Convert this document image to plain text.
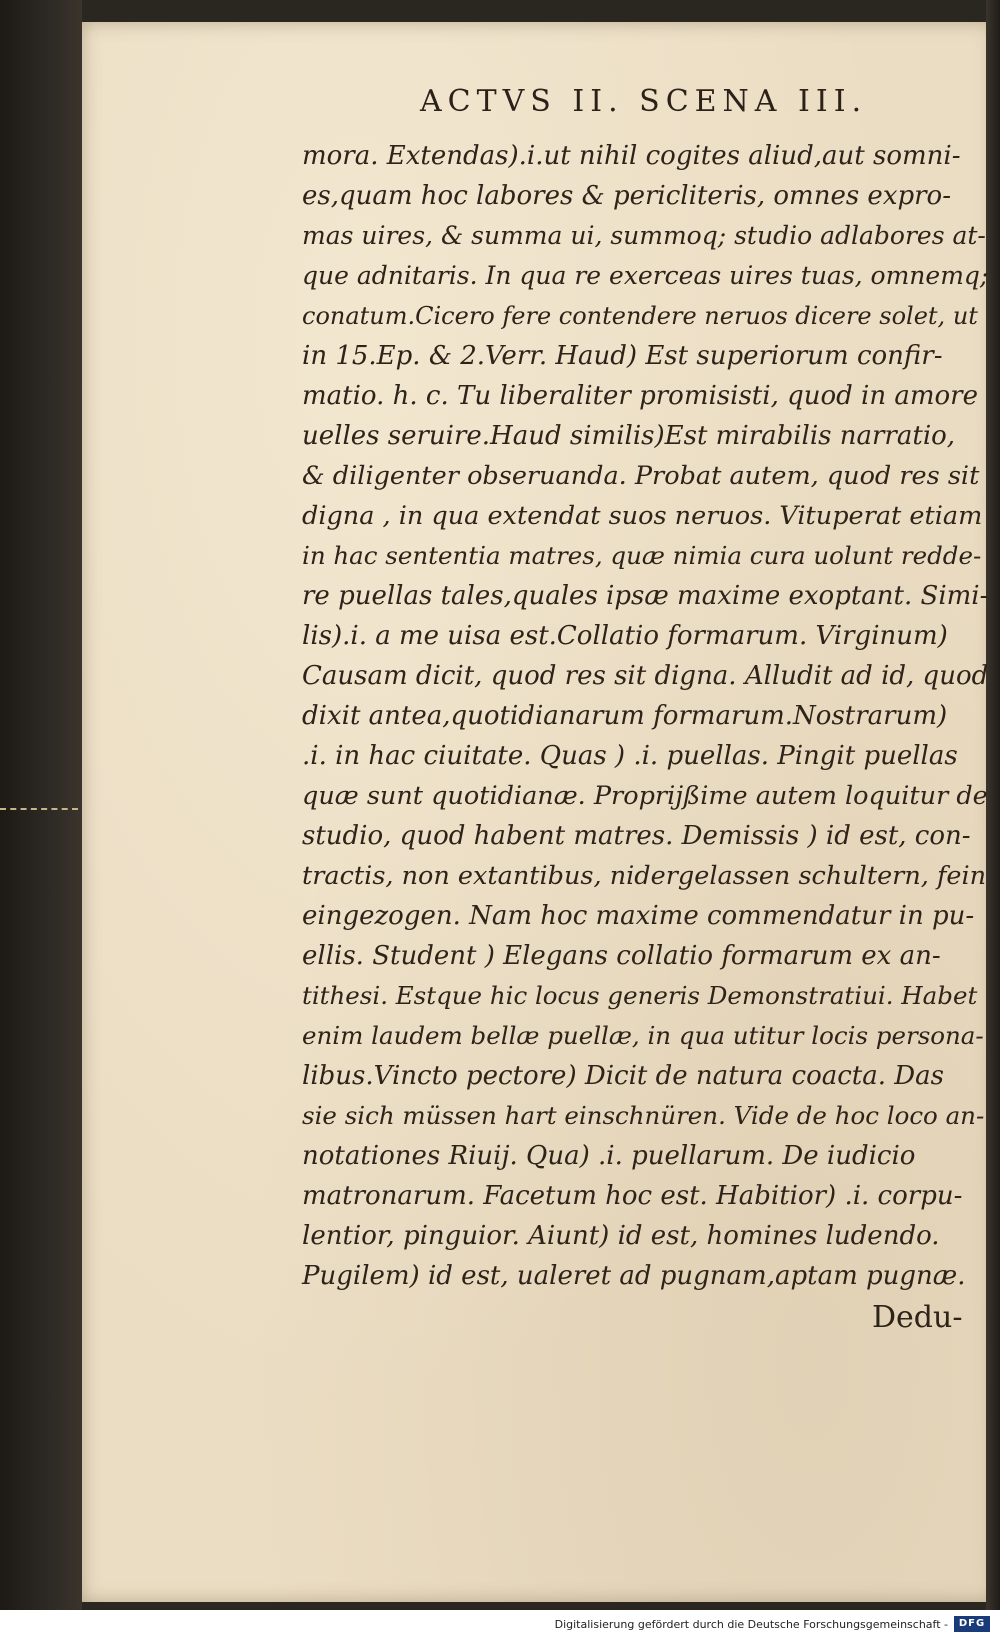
ACTVS II. SCENA III.

mora. Extendas).i.ut nihil cogites aliud,aut somni-
es,quam hoc labores & pericliteris, omnes expro-
mas uires, & summa ui, summoq; studio adlabores at-
que adnitaris. In qua re exerceas uires tuas, omnemq;
conatum.Cicero fere contendere neruos dicere solet, ut
in 15.Ep. & 2.Verr. Haud) Est superiorum confir-
matio. h. c. Tu liberaliter promisisti, quod in amore
uelles seruire.Haud similis)Est mirabilis narratio,
& diligenter obseruanda. Probat autem, quod res sit
digna , in qua extendat suos neruos. Vituperat etiam
in hac sententia matres, quæ nimia cura uolunt redde-
re puellas tales,quales ipsæ maxime exoptant. Simi-
lis).i. a me uisa est.Collatio formarum. Virginum)
Causam dicit, quod res sit digna. Alludit ad id, quod
dixit antea,quotidianarum formarum.Nostrarum)
.i. in hac ciuitate. Quas ) .i. puellas. Pingit puellas
quæ sunt quotidianæ. Proprijßime autem loquitur de
studio, quod habent matres. Demissis ) id est, con-
tractis, non extantibus, nidergelassen schultern, fein
eingezogen. Nam hoc maxime commendatur in pu-
ellis. Student ) Elegans collatio formarum ex an-
tithesi. Estque hic locus generis Demonstratiui. Habet
enim laudem bellæ puellæ, in qua utitur locis persona-
libus.Vincto pectore) Dicit de natura coacta. Das
sie sich müssen hart einschnüren. Vide de hoc loco an-
notationes Riuij. Qua) .i. puellarum. De iudicio
matronarum. Facetum hoc est. Habitior) .i. corpu-
lentior, pinguior. Aiunt) id est, homines ludendo.
Pugilem) id est, ualeret ad pugnam,aptam pugnæ.

Dedu-

Digitalisierung gefördert durch die Deutsche Forschungsgemeinschaft -	DFG
